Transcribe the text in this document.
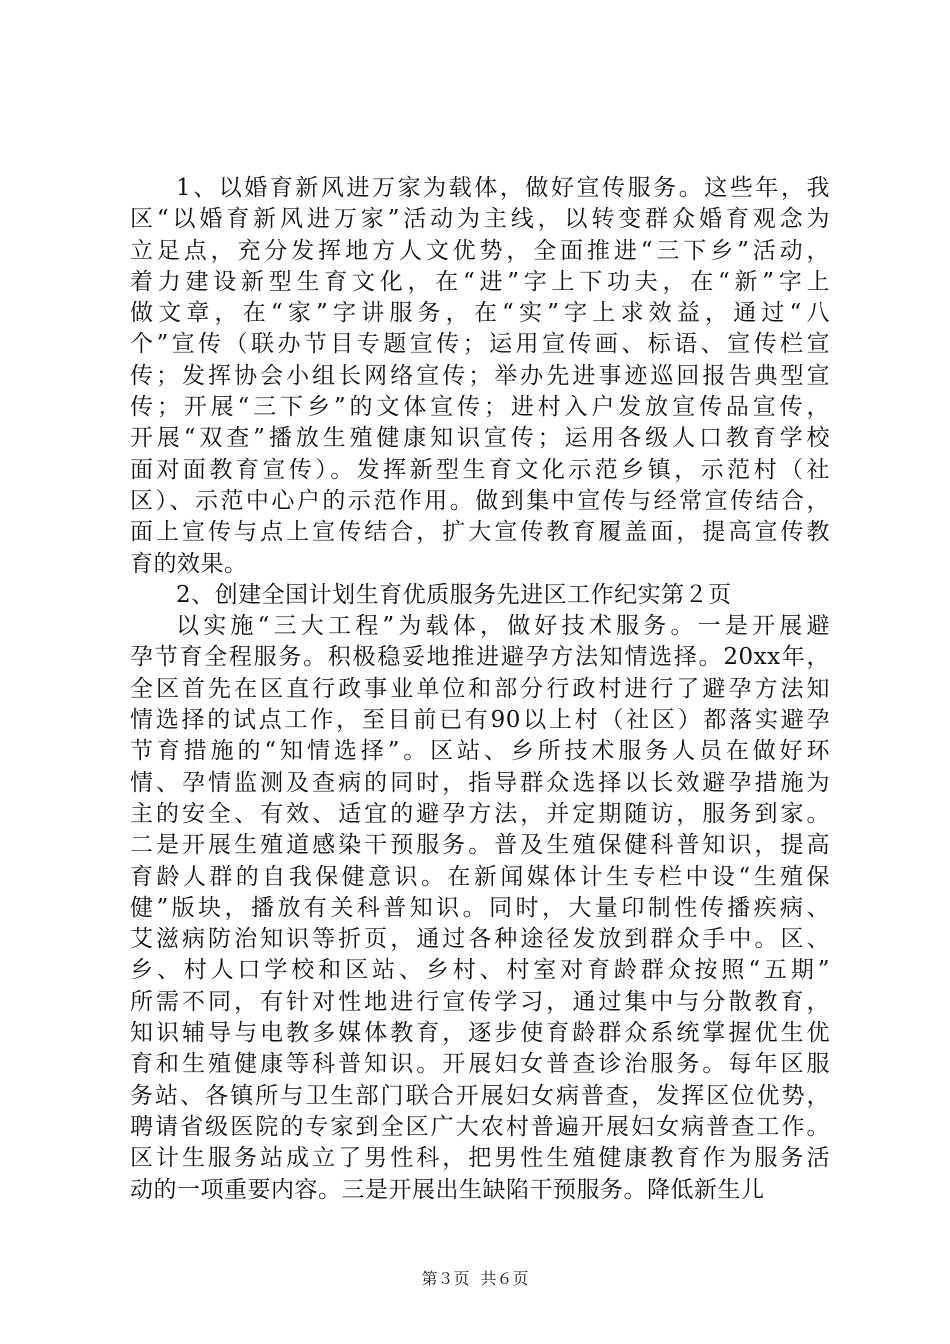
1、以婚育新风进万家为载体，做好宣传服务。这些年，我
区“以婚育新风进万家”活动为主线，以转变群众婚育观念为
立足点，充分发挥地方人文优势，全面推进“三下乡”活动，
着力建设新型生育文化，在“进”字上下功夫，在“新”字上
做文章，在“家”字讲服务，在“实”字上求效益，通过“八
个”宣传（联办节目专题宣传；运用宣传画、标语、宣传栏宣
传；发挥协会小组长网络宣传；举办先进事迹巡回报告典型宣
传；开展“三下乡”的文体宣传；进村入户发放宣传品宣传，
开展“双查”播放生殖健康知识宣传；运用各级人口教育学校
面对面教育宣传）。发挥新型生育文化示范乡镇，示范村（社
区）、示范中心户的示范作用。做到集中宣传与经常宣传结合，
面上宣传与点上宣传结合，扩大宣传教育履盖面，提高宣传教
育的效果。
2、创建全国计划生育优质服务先进区工作纪实第２页
以实施“三大工程”为载体，做好技术服务。一是开展避
孕节育全程服务。积极稳妥地推进避孕方法知情选择。20xx年，
全区首先在区直行政事业单位和部分行政村进行了避孕方法知
情选择的试点工作，至目前已有90以上村（社区）都落实避孕
节育措施的“知情选择”。区站、乡所技术服务人员在做好环
情、孕情监测及查病的同时，指导群众选择以长效避孕措施为
主的安全、有效、适宜的避孕方法，并定期随访，服务到家。
二是开展生殖道感染干预服务。普及生殖保健科普知识，提高
育龄人群的自我保健意识。在新闻媒体计生专栏中设“生殖保
健”版块，播放有关科普知识。同时，大量印制性传播疾病、
艾滋病防治知识等折页，通过各种途径发放到群众手中。区、
乡、村人口学校和区站、乡村、村室对育龄群众按照“五期”
所需不同，有针对性地进行宣传学习，通过集中与分散教育，
知识辅导与电教多媒体教育，逐步使育龄群众系统掌握优生优
育和生殖健康等科普知识。开展妇女普查诊治服务。每年区服
务站、各镇所与卫生部门联合开展妇女病普查，发挥区位优势，
聘请省级医院的专家到全区广大农村普遍开展妇女病普查工作。
区计生服务站成立了男性科，把男性生殖健康教育作为服务活
动的一项重要内容。三是开展出生缺陷干预服务。降低新生儿
第３页 共６页
